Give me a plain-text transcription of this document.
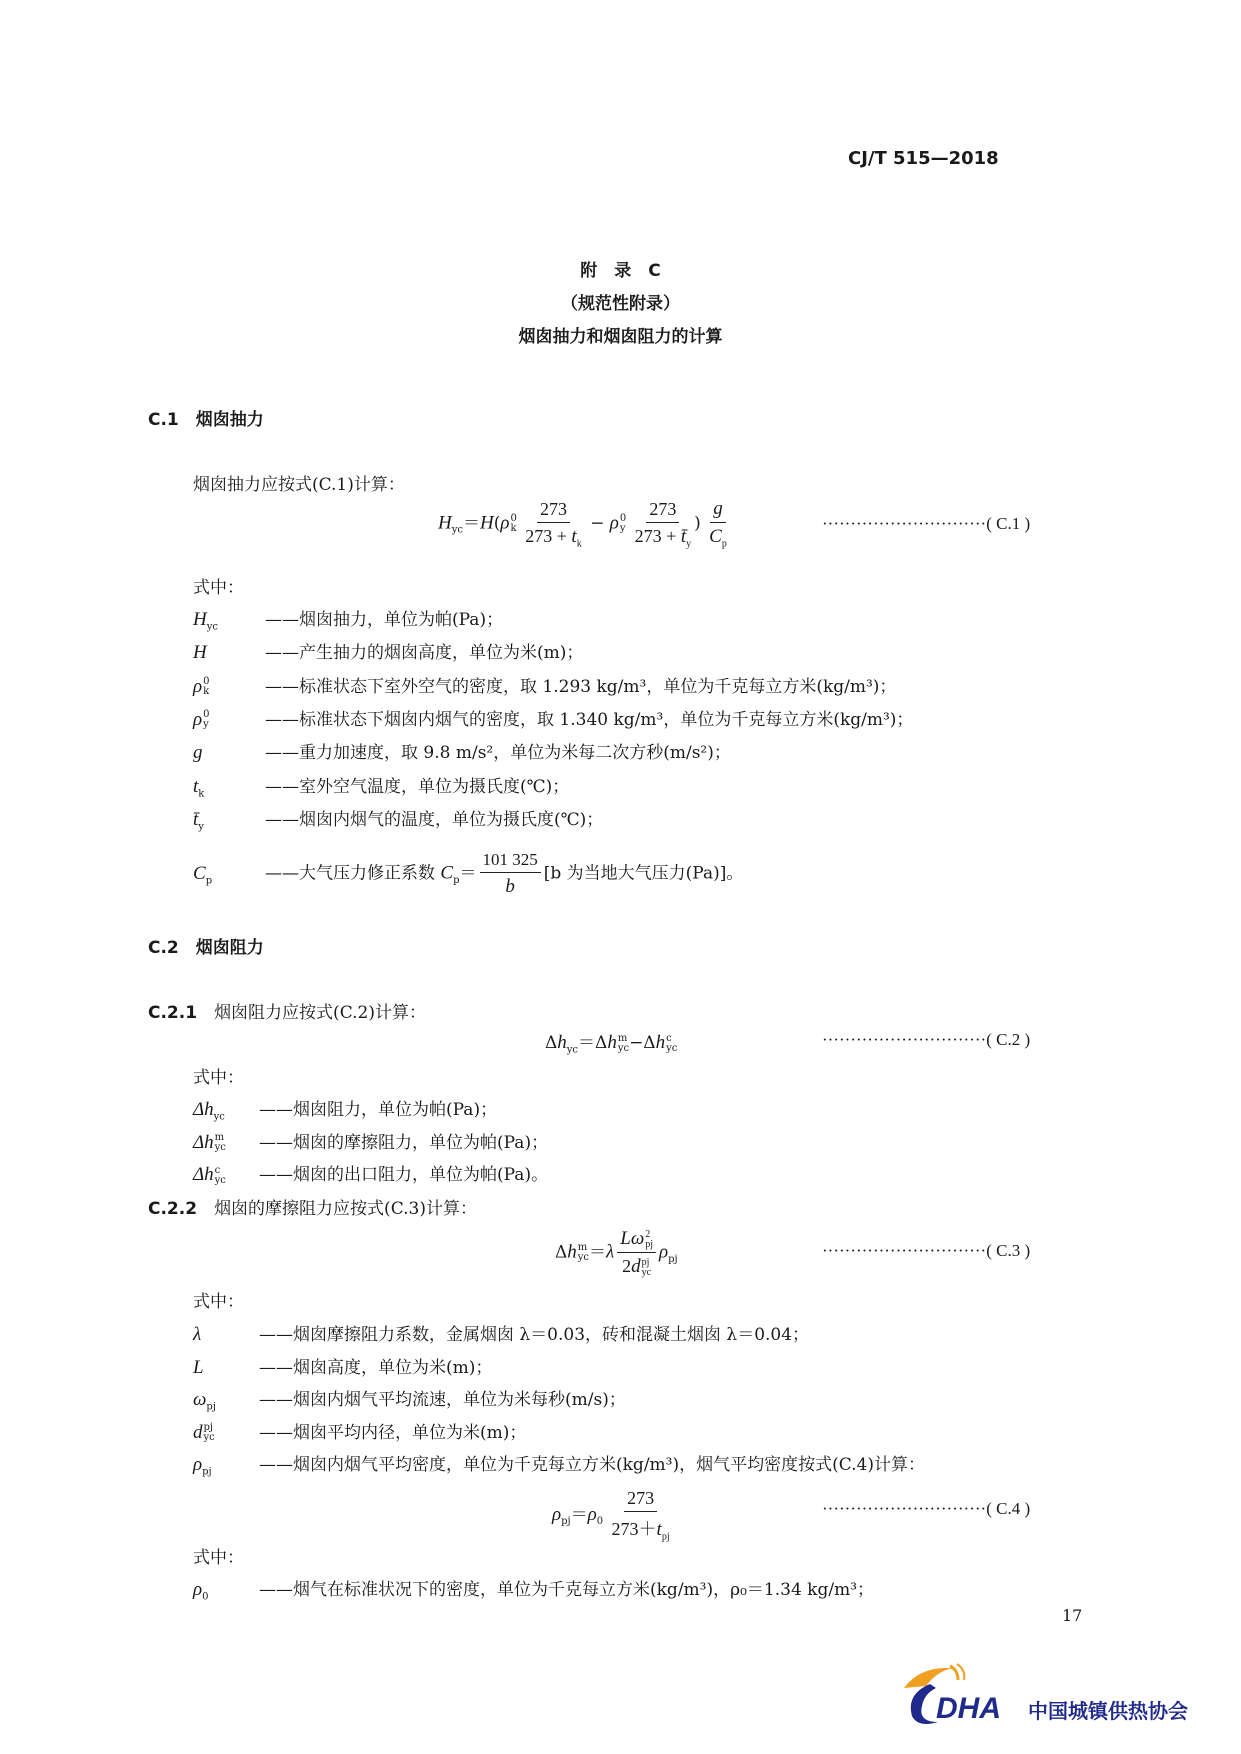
CJ/T 515—2018
附　录　C
（规范性附录）
烟囱抽力和烟囱阻力的计算
C.1　 烟囱抽力
烟囱抽力应按式(C.1)计算：
$H_{yc}=H(\rho$ 0
k
$\frac{273}{273 + t_k} - \rho$ 0
y
$\frac{273}{273 + t̄_y}$ ) $\frac{g}{C_p}$	·····························( C.1 )
式中：
$H_{yc}$	——烟囱抽力，单位为帕(Pa)；
H	——产生抽力的烟囱高度，单位为米(m)；
ρ 0
k	——标准状态下室外空气的密度，取 1.293 kg/m³，单位为千克每立方米(kg/m³)；
ρ 0
y	——标准状态下烟囱内烟气的密度，取 1.340 kg/m³，单位为千克每立方米(kg/m³)；
g	——重力加速度，取 9.8 m/s²，单位为米每二次方秒(m/s²)；
$t_k$	——室外空气温度，单位为摄氏度(℃)；
$t̄_y$	——烟囱内烟气的温度，单位为摄氏度(℃)；
$C_p$	——大气压力修正系数 $C_p= \frac{101 325}{b} [b$ 为当地大气压力(Pa)]。
C.2　 烟囱阻力
C.2.1　 烟囱阻力应按式(C.2)计算：
$\Delta h_{yc}=\Delta h$ m
yc −Δh c
yc	·····························( C.2 )
式中：
$\Delta h_{yc}$ ——烟囱阻力，单位为帕(Pa)；
Δh m
yc ——烟囱的摩擦阻力，单位为帕(Pa)；
Δh c
yc ——烟囱的出口阻力，单位为帕(Pa)。
C.2.2　 烟囱的摩擦阻力应按式(C.3)计算：
Δh m
yc ＝λ Lω 2
pj
2d pj
yc $\rho_{pj}$	·····························( C.3 )
式中：
λ	——烟囱摩擦阻力系数，金属烟囱 λ＝0.03，砖和混凝土烟囱 λ＝0.04；
L	——烟囱高度，单位为米(m)；
$\omega_{pj}$	——烟囱内烟气平均流速，单位为米每秒(m/s)；
d pj
yc	——烟囱平均内径，单位为米(m)；
$\rho_{pj}$	——烟囱内烟气平均密度，单位为千克每立方米(kg/m³)，烟气平均密度按式(C.4)计算：
$\rho_{pj}=\rho_0 \frac{273}{273+t_{pj}}$	·····························( C.4 )
式中：
$\rho_0$	——烟气在标准状况下的密度，单位为千克每立方米(kg/m³)，ρ₀＝1.34 kg/m³；
17
DHA 中国城镇供热协会
